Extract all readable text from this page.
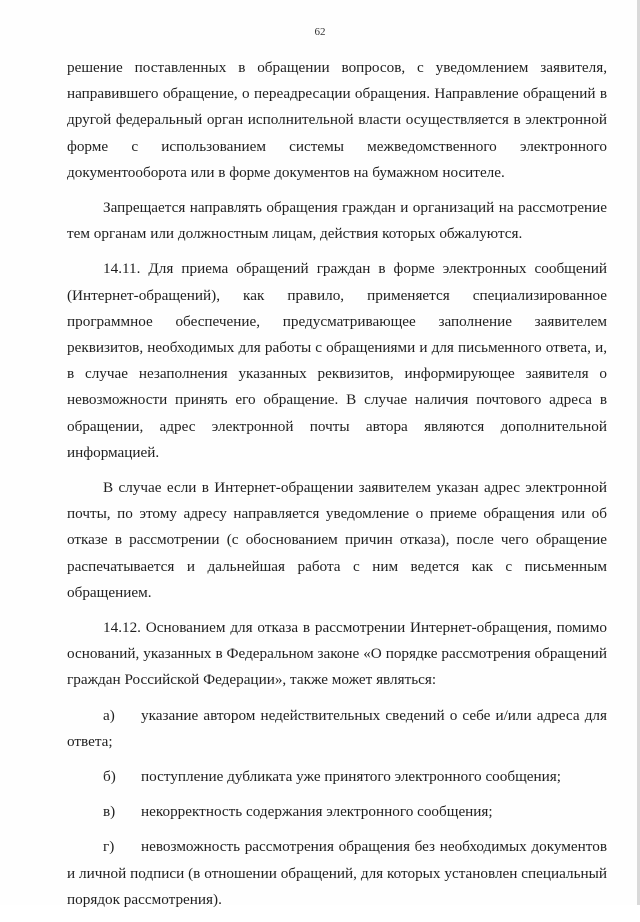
62

решение поставленных в обращении вопросов, с уведомлением заявителя, направившего обращение, о переадресации обращения. Направление обращений в другой федеральный орган исполнительной власти осуществляется в электронной форме с использованием системы межведомственного электронного документооборота или в форме документов на бумажном носителе.

Запрещается направлять обращения граждан и организаций на рассмотрение тем органам или должностным лицам, действия которых обжалуются.

14.11. Для приема обращений граждан в форме электронных сообщений (Интернет-обращений), как правило, применяется специализированное программное обеспечение, предусматривающее заполнение заявителем реквизитов, необходимых для работы с обращениями и для письменного ответа, и, в случае незаполнения указанных реквизитов, информирующее заявителя о невозможности принять его обращение. В случае наличия почтового адреса в обращении, адрес электронной почты автора являются дополнительной информацией.

В случае если в Интернет-обращении заявителем указан адрес электронной почты, по этому адресу направляется уведомление о приеме обращения или об отказе в рассмотрении (с обоснованием причин отказа), после чего обращение распечатывается и дальнейшая работа с ним ведется как с письменным обращением.

14.12. Основанием для отказа в рассмотрении Интернет-обращения, помимо оснований, указанных в Федеральном законе «О порядке рассмотрения обращений граждан Российской Федерации», также может являться:

а) указание автором недействительных сведений о себе и/или адреса для ответа;

б) поступление дубликата уже принятого электронного сообщения;

в) некорректность содержания электронного сообщения;

г) невозможность рассмотрения обращения без необходимых документов и личной подписи (в отношении обращений, для которых установлен специальный порядок рассмотрения).
